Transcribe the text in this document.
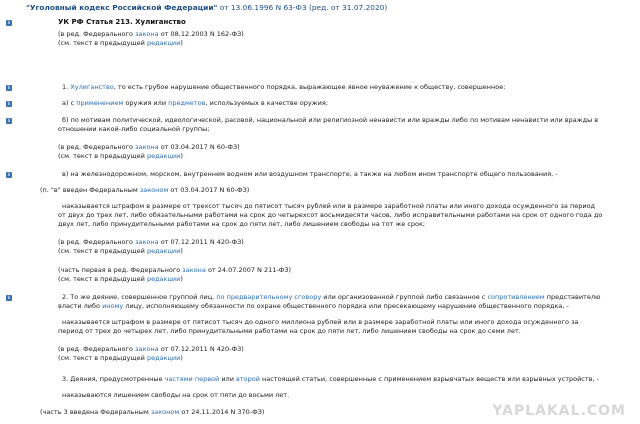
"Уголовный кодекс Российской Федерации" от 13.06.1996 N 63-ФЗ (ред. от 31.07.2020)
i	УК РФ Статья 213. Хулиганство
(в ред. Федерального закона от 08.12.2003 N 162-ФЗ)
(см. текст в предыдущей редакции)
i	1. Хулиганство, то есть грубое нарушение общественного порядка, выражающее явное неуважение к обществу, совершенное:
i	а) с применением оружия или предметов, используемых в качестве оружия;
i	б) по мотивам политической, идеологической, расовой, национальной или религиозной ненависти или вражды либо по мотивам ненависти или вражды в
отношении какой-либо социальной группы;
(в ред. Федерального закона от 03.04.2017 N 60-ФЗ)
(см. текст в предыдущей редакции)
i	в) на железнодорожном, морском, внутреннем водном или воздушном транспорте, а также на любом ином транспорте общего пользования, -
(п. "в" введен Федеральным законом от 03.04.2017 N 60-ФЗ)
наказывается штрафом в размере от трехсот тысяч до пятисот тысяч рублей или в размере заработной платы или иного дохода осужденного за период
от двух до трех лет, либо обязательными работами на срок до четырехсот восьмидесяти часов, либо исправительными работами на срок от одного года до
двух лет, либо принудительными работами на срок до пяти лет, либо лишением свободы на тот же срок;
(в ред. Федерального закона от 07.12.2011 N 420-ФЗ)
(см. текст в предыдущей редакции)
(часть первая в ред. Федерального закона от 24.07.2007 N 211-ФЗ)
(см. текст в предыдущей редакции)
i	2. То же деяние, совершенное группой лиц, по предварительному сговору или организованной группой либо связанное с сопротивлением представителю
власти либо иному лицу, исполняющему обязанности по охране общественного порядка или пресекающему нарушение общественного порядка, -
наказывается штрафом в размере от пятисот тысяч до одного миллиона рублей или в размере заработной платы или иного дохода осужденного за
период от трех до четырех лет, либо принудительными работами на срок до пяти лет, либо лишением свободы на срок до семи лет.
(в ред. Федерального закона от 07.12.2011 N 420-ФЗ)
(см. текст в предыдущей редакции)
3. Деяния, предусмотренные частями первой или второй настоящей статьи, совершенные с применением взрывчатых веществ или взрывных устройств, -
наказываются лишением свободы на срок от пяти до восьми лет.
(часть 3 введена Федеральным законом от 24.11.2014 N 370-ФЗ)	YAPLAKAL.COM
